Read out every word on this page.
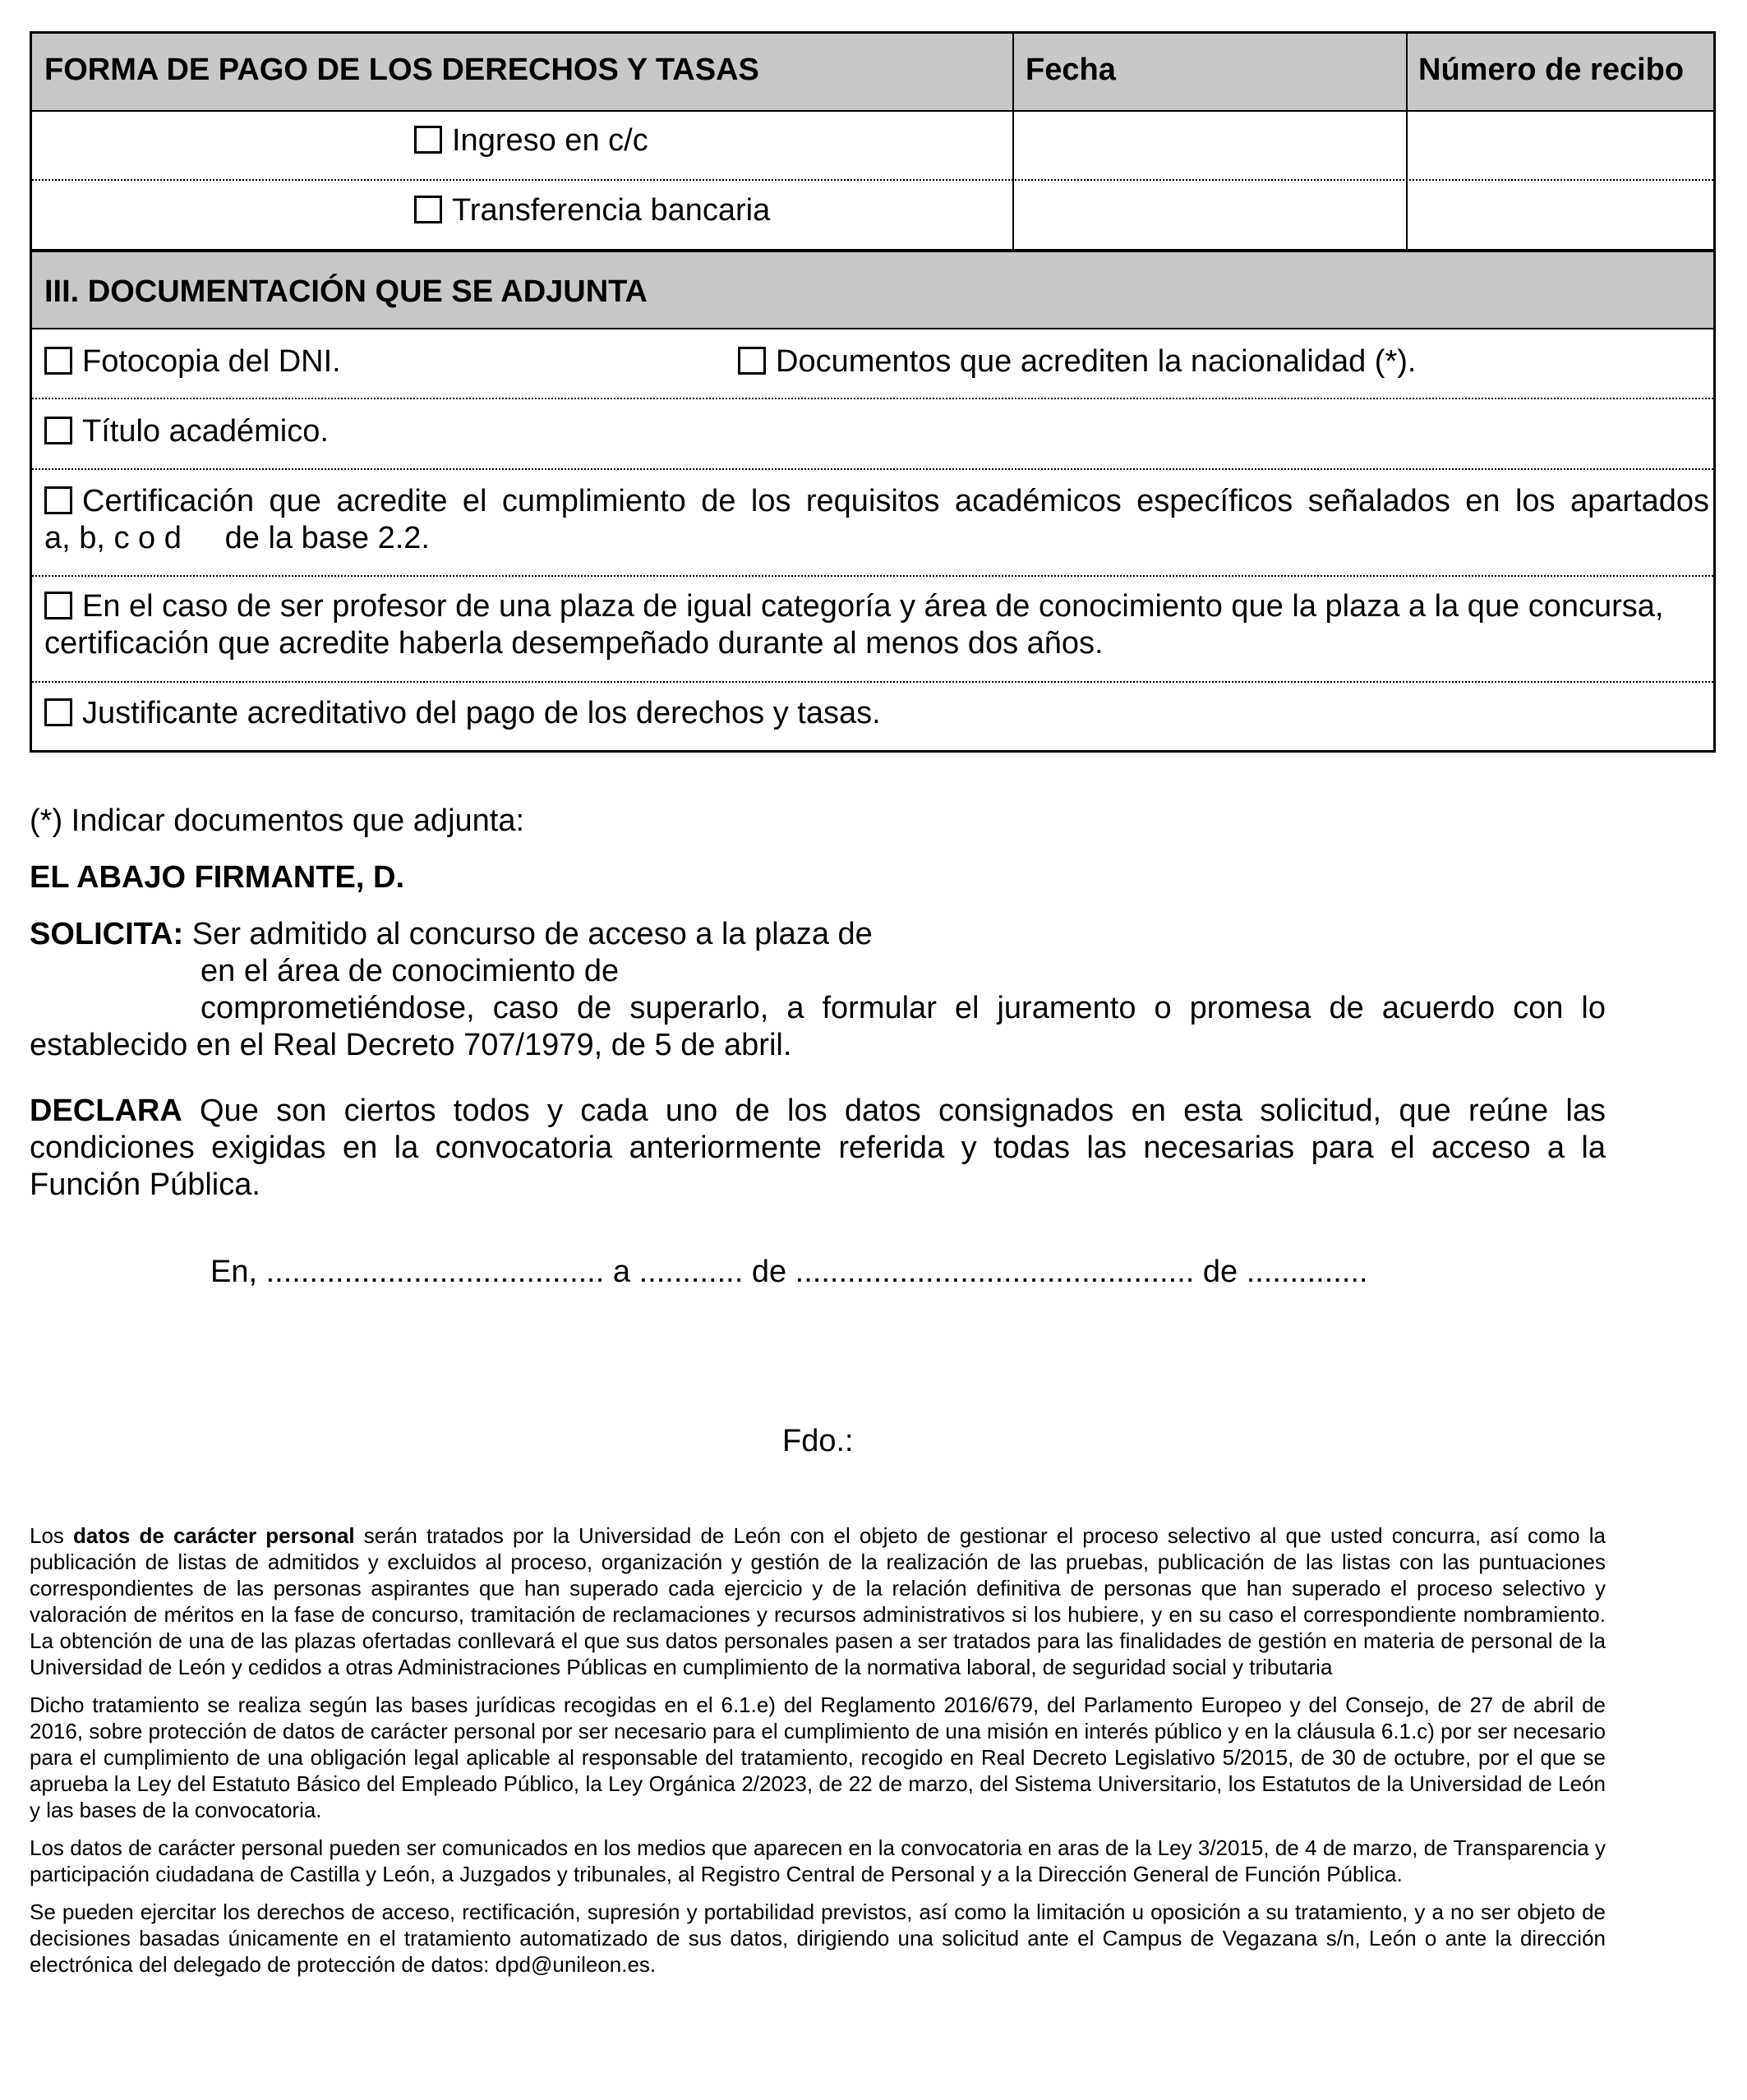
FORMA DE PAGO DE LOS DERECHOS Y TASAS	Fecha	Número de recibo
Ingreso en c/c
Transferencia bancaria
III. DOCUMENTACIÓN QUE SE ADJUNTA
Fotocopia del DNI.	Documentos que acrediten la nacionalidad (*).
Título académico.
Certificación que acredite el cumplimiento de los requisitos académicos específicos señalados en los apartados
a, b, c o d     de la base 2.2.
En el caso de ser profesor de una plaza de igual categoría y área de conocimiento que la plaza a la que concursa,
certificación que acredite haberla desempeñado durante al menos dos años.
Justificante acreditativo del pago de los derechos y tasas.
(*) Indicar documentos que adjunta:
EL ABAJO FIRMANTE, D.
SOLICITA: Ser admitido al concurso de acceso a la plaza de
en el área de conocimiento de
comprometiéndose, caso de superarlo, a formular el juramento o promesa de acuerdo con lo
establecido en el Real Decreto 707/1979, de 5 de abril.
DECLARA Que son ciertos todos y cada uno de los datos consignados en esta solicitud, que reúne las
condiciones exigidas en la convocatoria anteriormente referida y todas las necesarias para el acceso a la
Función Pública.
En, ....................................... a ............ de .............................................. de ..............
Fdo.:
Los datos de carácter personal serán tratados por la Universidad de León con el objeto de gestionar el proceso selectivo al que usted concurra, así como la publicación de listas de admitidos y excluidos al proceso, organización y gestión de la realización de las pruebas, publicación de las listas con las puntuaciones correspondientes de las personas aspirantes que han superado cada ejercicio y de la relación definitiva de personas que han superado el proceso selectivo y valoración de méritos en la fase de concurso, tramitación de reclamaciones y recursos administrativos si los hubiere, y en su caso el correspondiente nombramiento. La obtención de una de las plazas ofertadas conllevará el que sus datos personales pasen a ser tratados para las finalidades de gestión en materia de personal de la Universidad de León y cedidos a otras Administraciones Públicas en cumplimiento de la normativa laboral, de seguridad social y tributaria
Dicho tratamiento se realiza según las bases jurídicas recogidas en el 6.1.e) del Reglamento 2016/679, del Parlamento Europeo y del Consejo, de 27 de abril de 2016, sobre protección de datos de carácter personal por ser necesario para el cumplimiento de una misión en interés público y en la cláusula 6.1.c) por ser necesario para el cumplimiento de una obligación legal aplicable al responsable del tratamiento, recogido en Real Decreto Legislativo 5/2015, de 30 de octubre, por el que se aprueba la Ley del Estatuto Básico del Empleado Público, la Ley Orgánica 2/2023, de 22 de marzo, del Sistema Universitario, los Estatutos de la Universidad de León y las bases de la convocatoria.
Los datos de carácter personal pueden ser comunicados en los medios que aparecen en la convocatoria en aras de la Ley 3/2015, de 4 de marzo, de Transparencia y participación ciudadana de Castilla y León, a Juzgados y tribunales, al Registro Central de Personal y a la Dirección General de Función Pública.
Se pueden ejercitar los derechos de acceso, rectificación, supresión y portabilidad previstos, así como la limitación u oposición a su tratamiento, y a no ser objeto de decisiones basadas únicamente en el tratamiento automatizado de sus datos, dirigiendo una solicitud ante el Campus de Vegazana s/n, León o ante la dirección electrónica del delegado de protección de datos: dpd@unileon.es.
